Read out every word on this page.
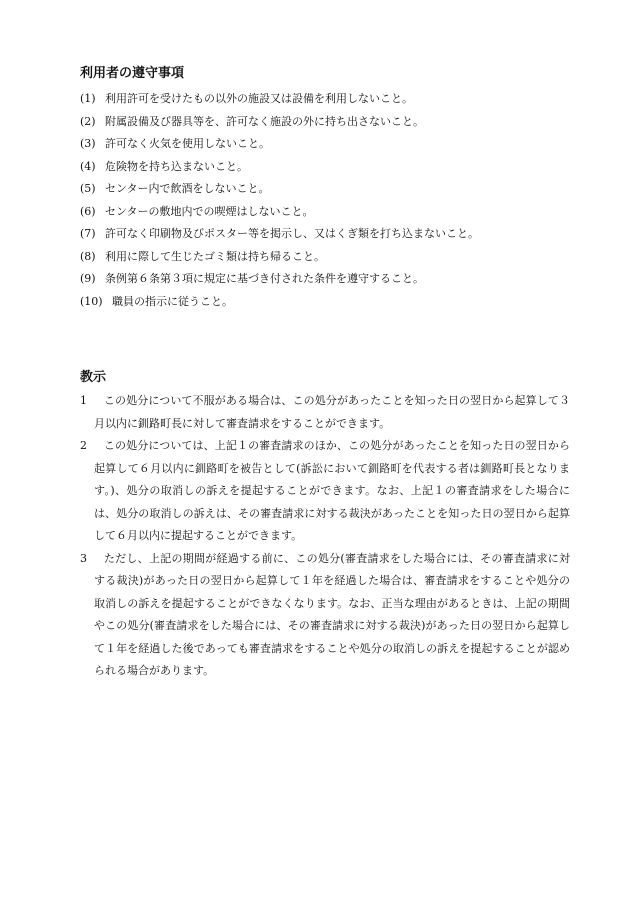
利用者の遵守事項
(1) 利用許可を受けたもの以外の施設又は設備を利用しないこと。
(2) 附属設備及び器具等を、許可なく施設の外に持ち出さないこと。
(3) 許可なく火気を使用しないこと。
(4) 危険物を持ち込まないこと。
(5) センター内で飲酒をしないこと。
(6) センターの敷地内での喫煙はしないこと。
(7) 許可なく印刷物及びポスター等を掲示し、又はくぎ類を打ち込まないこと。
(8) 利用に際して生じたゴミ類は持ち帰ること。
(9) 条例第６条第３項に規定に基づき付された条件を遵守すること。
(10) 職員の指示に従うこと。
教示
1	この処分について不服がある場合は、この処分があったことを知った日の翌日から起算して３月以内に釧路町長に対して審査請求をすることができます。
2	この処分については、上記１の審査請求のほか、この処分があったことを知った日の翌日から起算して６月以内に釧路町を被告として(訴訟において釧路町を代表する者は釧路町長となります。)、処分の取消しの訴えを提起することができます。なお、上記１の審査請求をした場合には、処分の取消しの訴えは、その審査請求に対する裁決があったことを知った日の翌日から起算して６月以内に提起することができます。
3	ただし、上記の期間が経過する前に、この処分(審査請求をした場合には、その審査請求に対する裁決)があった日の翌日から起算して１年を経過した場合は、審査請求をすることや処分の取消しの訴えを提起することができなくなります。なお、正当な理由があるときは、上記の期間やこの処分(審査請求をした場合には、その審査請求に対する裁決)があった日の翌日から起算して１年を経過した後であっても審査請求をすることや処分の取消しの訴えを提起することが認められる場合があります。
